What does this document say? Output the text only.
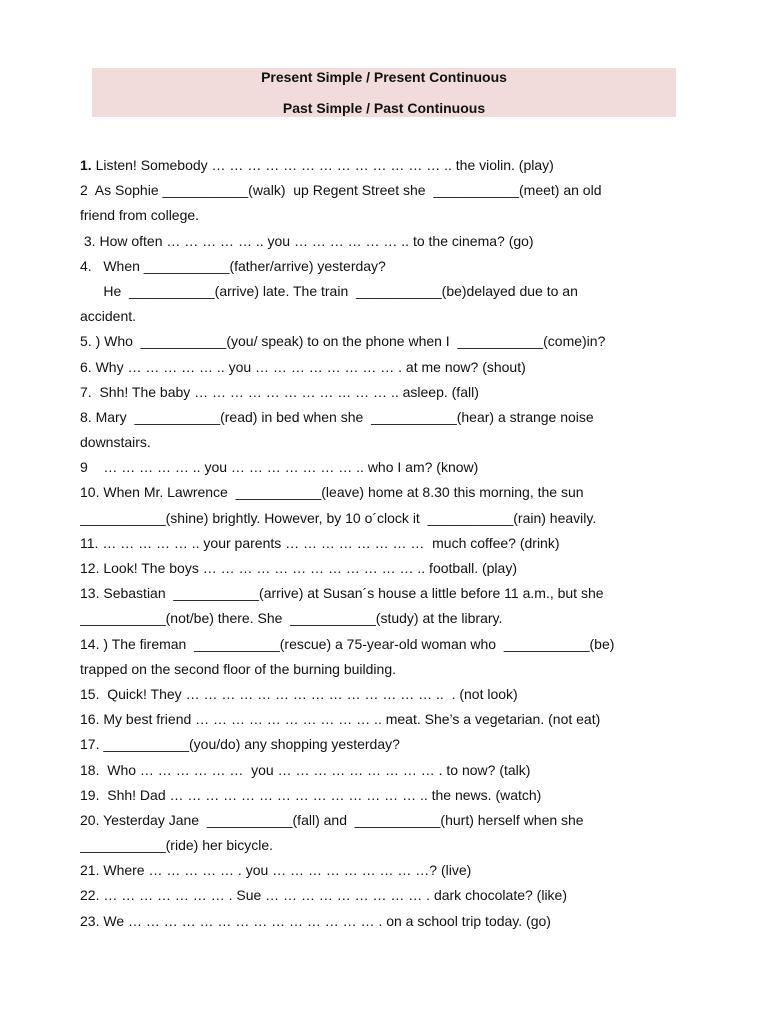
Present Simple / Present Continuous
Past Simple / Past Continuous
1. Listen! Somebody … … … … … … … … … … … … … .. the violin. (play)
2  As Sophie ___________(walk)  up Regent Street she  ___________(meet) an old
friend from college.
3. How often … … … … … .. you … … … … … … .. to the cinema? (go)
4.   When ___________(father/arrive) yesterday?
He  ___________(arrive) late. The train  ___________(be)delayed due to an
accident.
5. ) Who  ___________(you/ speak) to on the phone when I  ___________(come)in?
6. Why … … … … … .. you … … … … … … … … . at me now? (shout)
7.  Shh! The baby … … … … … … … … … … … .. asleep. (fall)
8. Mary  ___________(read) in bed when she  ___________(hear) a strange noise
downstairs.
9    … … … … … .. you … … … … … … … .. who I am? (know)
10. When Mr. Lawrence  ___________(leave) home at 8.30 this morning, the sun
___________(shine) brightly. However, by 10 o´clock it  ___________(rain) heavily.
11. … … … … … .. your parents … … … … … … … …  much coffee? (drink)
12. Look! The boys … … … … … … … … … … … … .. football. (play)
13. Sebastian  ___________(arrive) at Susan´s house a little before 11 a.m., but she
___________(not/be) there. She  ___________(study) at the library.
14. ) The fireman  ___________(rescue) a 75-year-old woman who  ___________(be)
trapped on the second floor of the burning building.
15.  Quick! They … … … … … … … … … … … … … … ..  . (not look)
16. My best friend … … … … … … … … … … .. meat. She’s a vegetarian. (not eat)
17. ___________(you/do) any shopping yesterday?
18.  Who … … … … … …  you … … … … … … … … … . to now? (talk)
19.  Shh! Dad … … … … … … … … … … … … … … .. the news. (watch)
20. Yesterday Jane  ___________(fall) and  ___________(hurt) herself when she
___________(ride) her bicycle.
21. Where … … … … … . you … … … … … … … … …? (live)
22. … … … … … … … . Sue … … … … … … … … … . dark chocolate? (like)
23. We … … … … … … … … … … … … … … . on a school trip today. (go)
